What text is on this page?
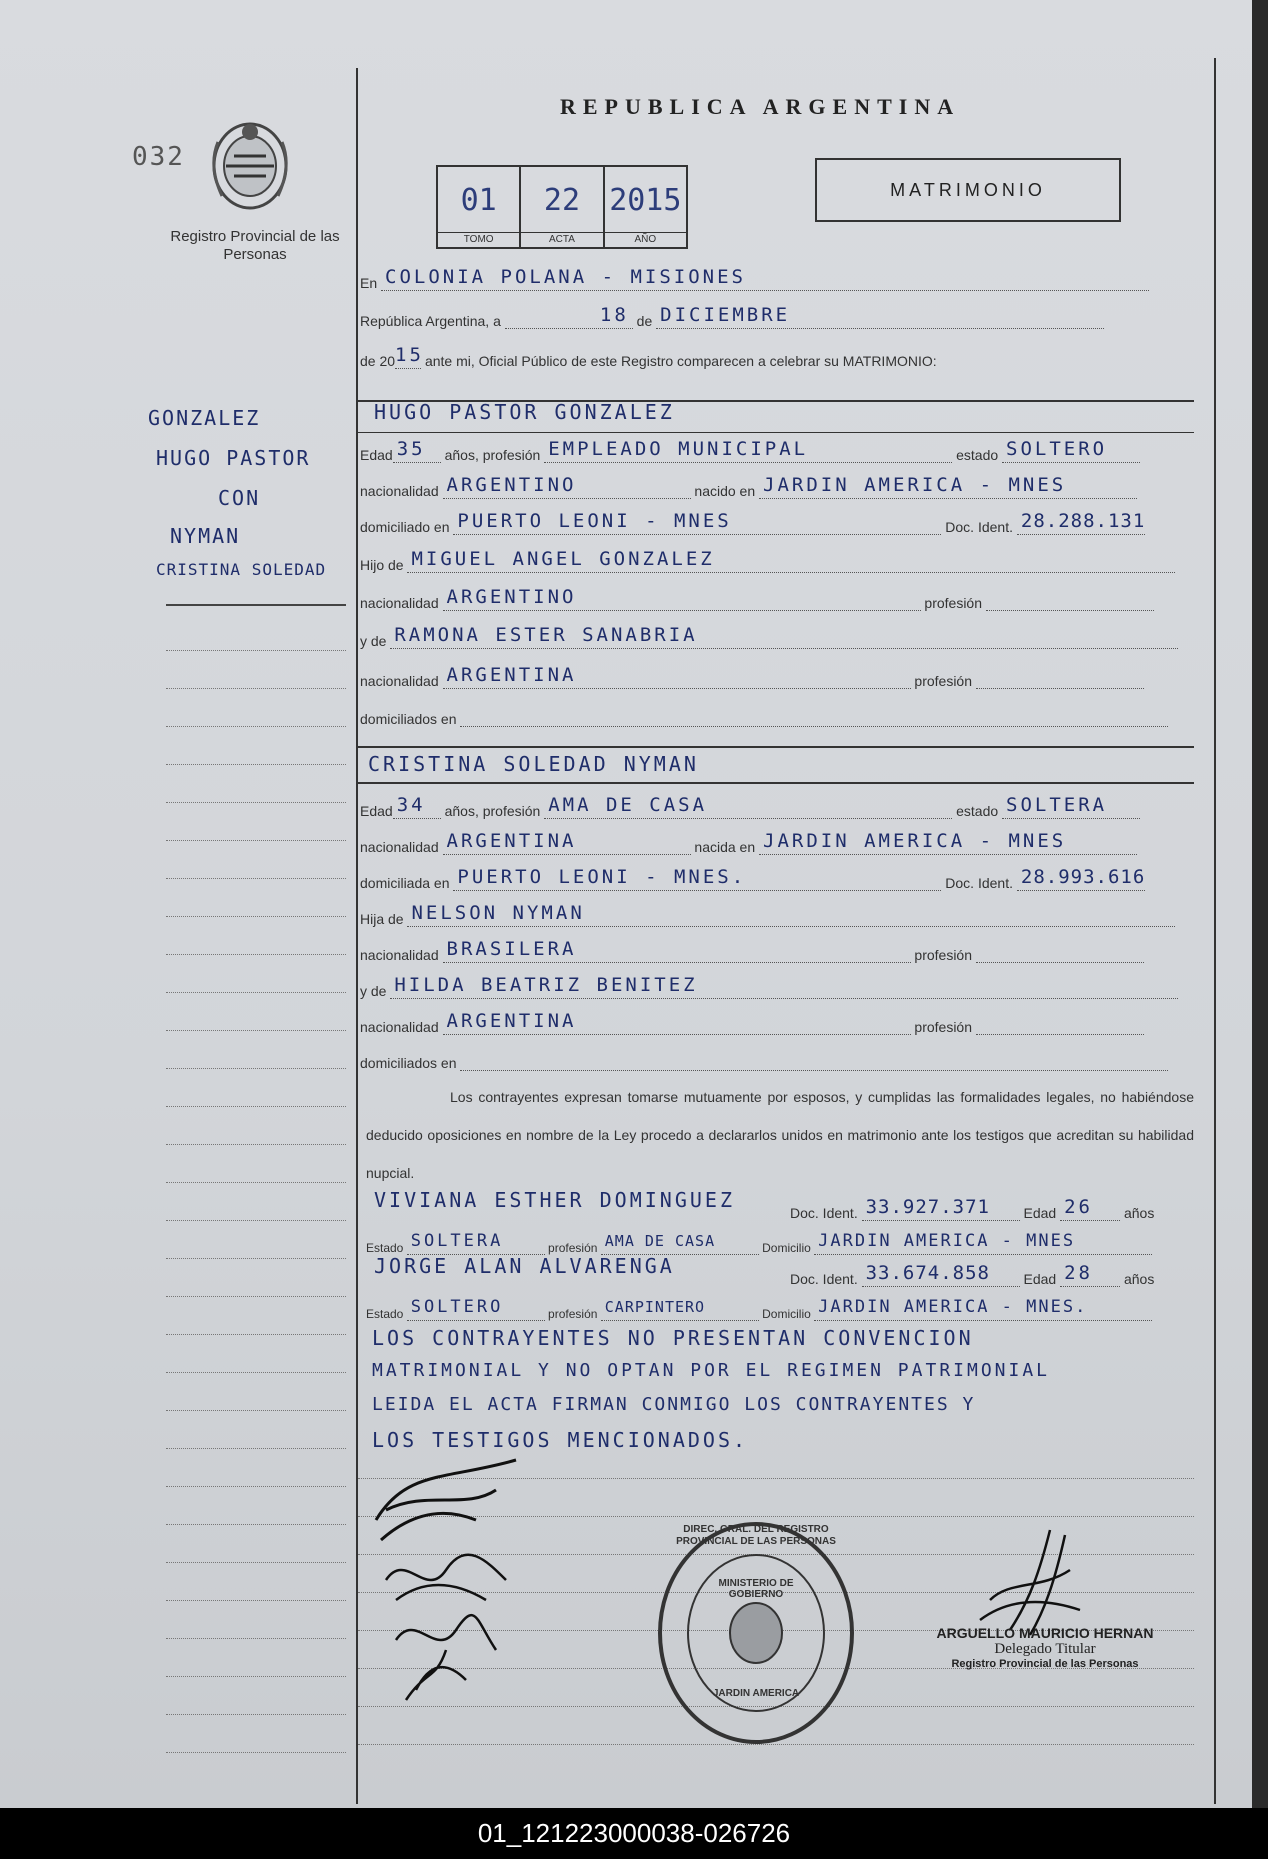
032
Registro Provincial de las Personas
REPUBLICA ARGENTINA
01
TOMO
22
ACTA
2015
AÑO
MATRIMONIO
En COLONIA POLANA - MISIONES
República Argentina, a	18 de DICIEMBRE
de 2015 ante mi, Oficial Público de este Registro comparecen a celebrar su MATRIMONIO:
GONZALEZ
HUGO PASTOR
CON
NYMAN
CRISTINA SOLEDAD
HUGO PASTOR GONZALEZ
Edad 35 años, profesión EMPLEADO MUNICIPAL	estado SOLTERO
nacionalidad ARGENTINO	nacido en JARDIN AMERICA - MNES
domiciliado en PUERTO LEONI - MNES	Doc. Ident. 28.288.131
Hijo de MIGUEL ANGEL GONZALEZ
nacionalidad ARGENTINO	profesión
y de RAMONA ESTER SANABRIA
nacionalidad ARGENTINA	profesión
domiciliados en
CRISTINA SOLEDAD NYMAN
Edad 34 años, profesión AMA DE CASA	estado SOLTERA
nacionalidad ARGENTINA	nacida en JARDIN AMERICA - MNES
domiciliada en PUERTO LEONI - MNES.	Doc. Ident. 28.993.616
Hija de NELSON NYMAN
nacionalidad BRASILERA	profesión
y de HILDA BEATRIZ BENITEZ
nacionalidad ARGENTINA	profesión
domiciliados en
Los contrayentes expresan tomarse mutuamente por esposos, y cumplidas las formalidades legales, no habiéndose deducido oposiciones en nombre de la Ley procedo a declararlos unidos en matrimonio ante los testigos que acreditan su habilidad nupcial.
VIVIANA ESTHER DOMINGUEZ
Doc. Ident. 33.927.371 Edad 26 años
Estado SOLTERA	profesión AMA DE CASA	Domicilio JARDIN AMERICA - MNES
JORGE ALAN ALVARENGA
Doc. Ident. 33.674.858 Edad 28 años
Estado SOLTERO	profesión CARPINTERO	Domicilio JARDIN AMERICA - MNES.
LOS CONTRAYENTES NO PRESENTAN CONVENCION
MATRIMONIAL Y NO OPTAN POR EL REGIMEN PATRIMONIAL
LEIDA EL ACTA FIRMAN CONMIGO LOS CONTRAYENTES Y
LOS TESTIGOS MENCIONADOS.
DIREC. GRAL. DEL REGISTRO PROVINCIAL DE LAS PERSONAS
MINISTERIO DE GOBIERNO
JARDIN AMERICA
ARGUELLO MAURICIO HERNAN
Delegado Titular
Registro Provincial de las Personas
01_121223000038-026726
